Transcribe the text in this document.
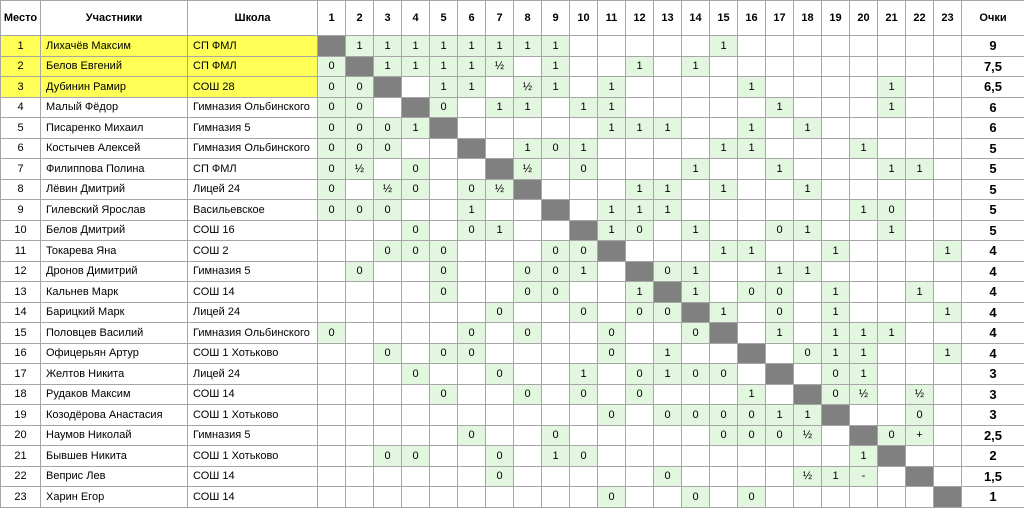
Место	Участники	Школа	1	2	3	4	5	6	7	8	9	10	11	12	13	14	15	16	17	18	19	20	21	22	23	Очки
1	Лихачёв Максим	СП ФМЛ		1	1	1	1	1	1	1	1						1									9
2	Белов Евгений	СП ФМЛ	0		1	1	1	1	½		1			1		1										7,5
3	Дубинин Рамир	СОШ 28	0	0			1	1		½	1		1					1					1			6,5
4	Малый Фёдор	Гимназия Ольбинского	0	0			0		1	1		1	1						1				1			6
5	Писаренко Михаил	Гимназия 5	0	0	0	1							1	1	1			1		1						6
6	Костычев Алексей	Гимназия Ольбинского	0	0	0					1	0	1					1	1				1				5
7	Филиппова Полина	СП ФМЛ	0	½		0				½		0				1			1				1	1		5
8	Лёвин Дмитрий	Лицей 24	0		½	0		0	½					1	1		1			1						5
9	Гилевский Ярослав	Васильевское	0	0	0			1					1	1	1							1	0			5
10	Белов Дмитрий	СОШ 16				0		0	1				1	0		1			0	1			1			5
11	Токарева Яна	СОШ 2			0	0	0				0	0					1	1			1				1	4
12	Дронов Димитрий	Гимназия 5		0			0			0	0	1			0	1			1	1						4
13	Кальнев Марк	СОШ 14					0			0	0			1		1		0	0		1			1		4
14	Барицкий Марк	Лицей 24							0			0		0	0		1		0		1				1	4
15	Половцев Василий	Гимназия Ольбинского	0					0		0			0			0			1		1	1	1			4
16	Офицерьян Артур	СОШ 1 Хотьково			0		0	0					0		1					0	1	1			1	4
17	Желтов Никита	Лицей 24				0			0			1		0	1	0	0				0	1				3
18	Рудаков Максим	СОШ 14					0			0		0		0				1			0	½		½		3
19	Козодёрова Анастасия	СОШ 1 Хотьково											0		0	0	0	0	1	1				0		3
20	Наумов Николай	Гимназия 5						0			0						0	0	0	½			0	+		2,5
21	Бывшев Никита	СОШ 1 Хотьково			0	0			0		1	0										1				2
22	Веприс Лев	СОШ 14							0						0					½	1	-				1,5
23	Харин Егор	СОШ 14											0			0		0								1
